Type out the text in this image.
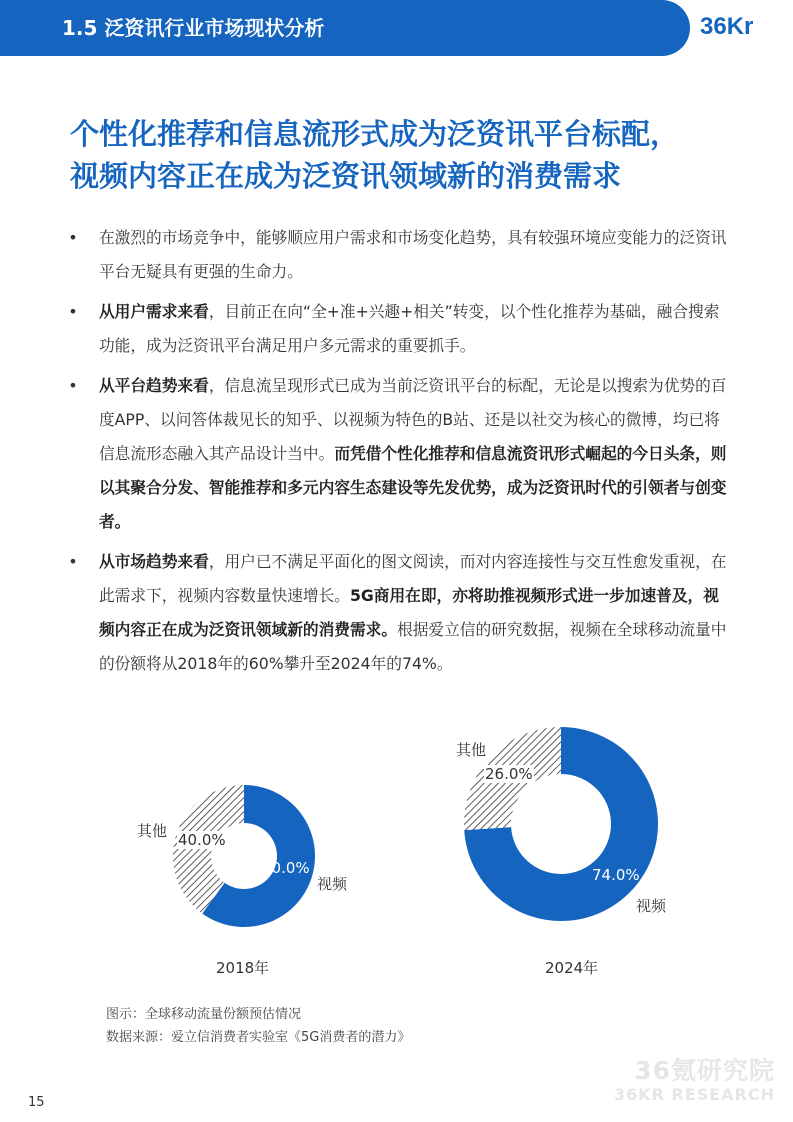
1.5 泛资讯行业市场现状分析	36Kr
个性化推荐和信息流形式成为泛资讯平台标配，
视频内容正在成为泛资讯领域新的消费需求
• 在激烈的市场竞争中，能够顺应用户需求和市场变化趋势，具有较强环境应变能力的泛资讯平台无疑具有更强的生命力。
• 从用户需求来看，目前正在向“全+准+兴趣+相关”转变，以个性化推荐为基础，融合搜索功能，成为泛资讯平台满足用户多元需求的重要抓手。
• 从平台趋势来看，信息流呈现形式已成为当前泛资讯平台的标配，无论是以搜索为优势的百度APP、以问答体裁见长的知乎、以视频为特色的B站、还是以社交为核心的微博，均已将信息流形态融入其产品设计当中。而凭借个性化推荐和信息流资讯形式崛起的今日头条，则以其聚合分发、智能推荐和多元内容生态建设等先发优势，成为泛资讯时代的引领者与创变者。
• 从市场趋势来看，用户已不满足平面化的图文阅读，而对内容连接性与交互性愈发重视，在此需求下，视频内容数量快速增长。5G商用在即，亦将助推视频形式进一步加速普及，视频内容正在成为泛资讯领域新的消费需求。根据爱立信的研究数据，视频在全球移动流量中的份额将从2018年的60%攀升至2024年的74%。
60.0%
40.0%
视频
其他
2018年
74.0%
26.0%
视频
其他
2024年
图示：全球移动流量份额预估情况
数据来源：爱立信消费者实验室《5G消费者的潜力》
36氪研究院
36KR RESEARCH
15
